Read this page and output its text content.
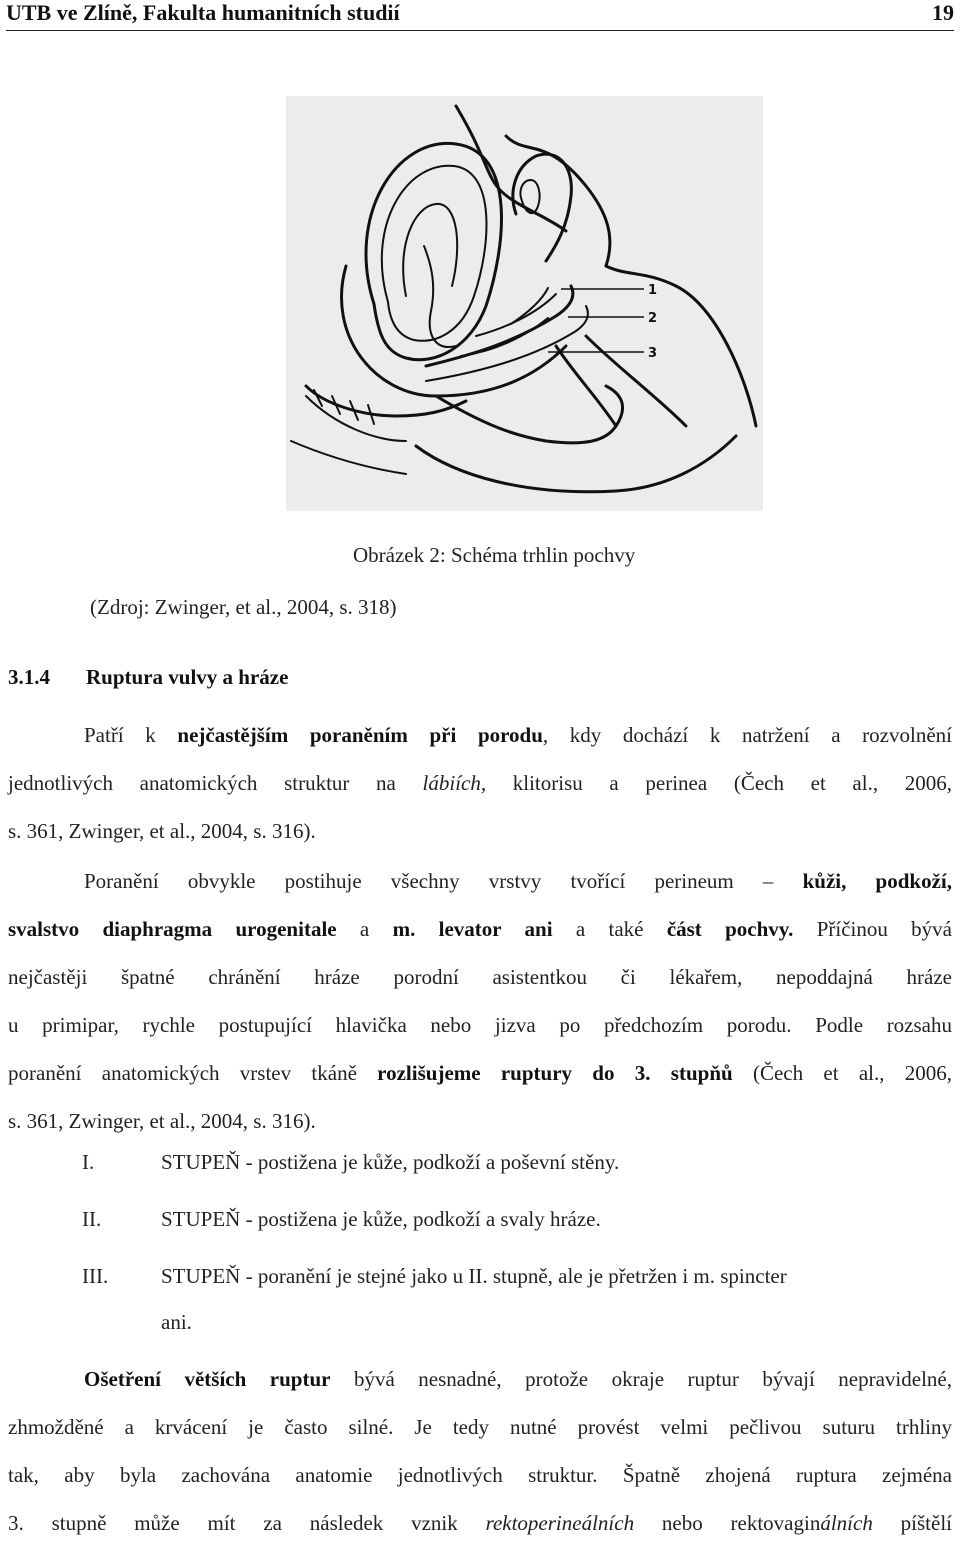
UTB ve Zlíně, Fakulta humanitních studií	19
1
2
3
Obrázek 2: Schéma trhlin pochvy
(Zdroj: Zwinger, et al., 2004, s. 318)
3.1.4 Ruptura vulvy a hráze
Patří k nejčastějším poraněním při porodu, kdy dochází k natržení a rozvolnění
jednotlivých anatomických struktur na lábiích, klitorisu a perinea (Čech et al., 2006,
s. 361, Zwinger, et al., 2004, s. 316).
Poranění obvykle postihuje všechny vrstvy tvořící perineum – kůži, podkoží,
svalstvo diaphragma urogenitale a m. levator ani a také část pochvy. Příčinou bývá
nejčastěji špatné chránění hráze porodní asistentkou či lékařem, nepoddajná hráze
u primipar, rychle postupující hlavička nebo jizva po předchozím porodu. Podle rozsahu
poranění anatomických vrstev tkáně rozlišujeme ruptury do 3. stupňů (Čech et al., 2006,
s. 361, Zwinger, et al., 2004, s. 316).
I.	STUPEŇ - postižena je kůže, podkoží a poševní stěny.
II.	STUPEŇ - postižena je kůže, podkoží a svaly hráze.
III.	STUPEŇ - poranění je stejné jako u II. stupně, ale je přetržen i m. spincter
ani.
Ošetření větších ruptur bývá nesnadné, protože okraje ruptur bývají nepravidelné,
zhmožděné a krvácení je často silné. Je tedy nutné provést velmi pečlivou suturu trhliny
tak, aby byla zachována anatomie jednotlivých struktur. Špatně zhojená ruptura zejména
3. stupně může mít za následek vznik rektoperineálních nebo rektovaginálních píštělí
